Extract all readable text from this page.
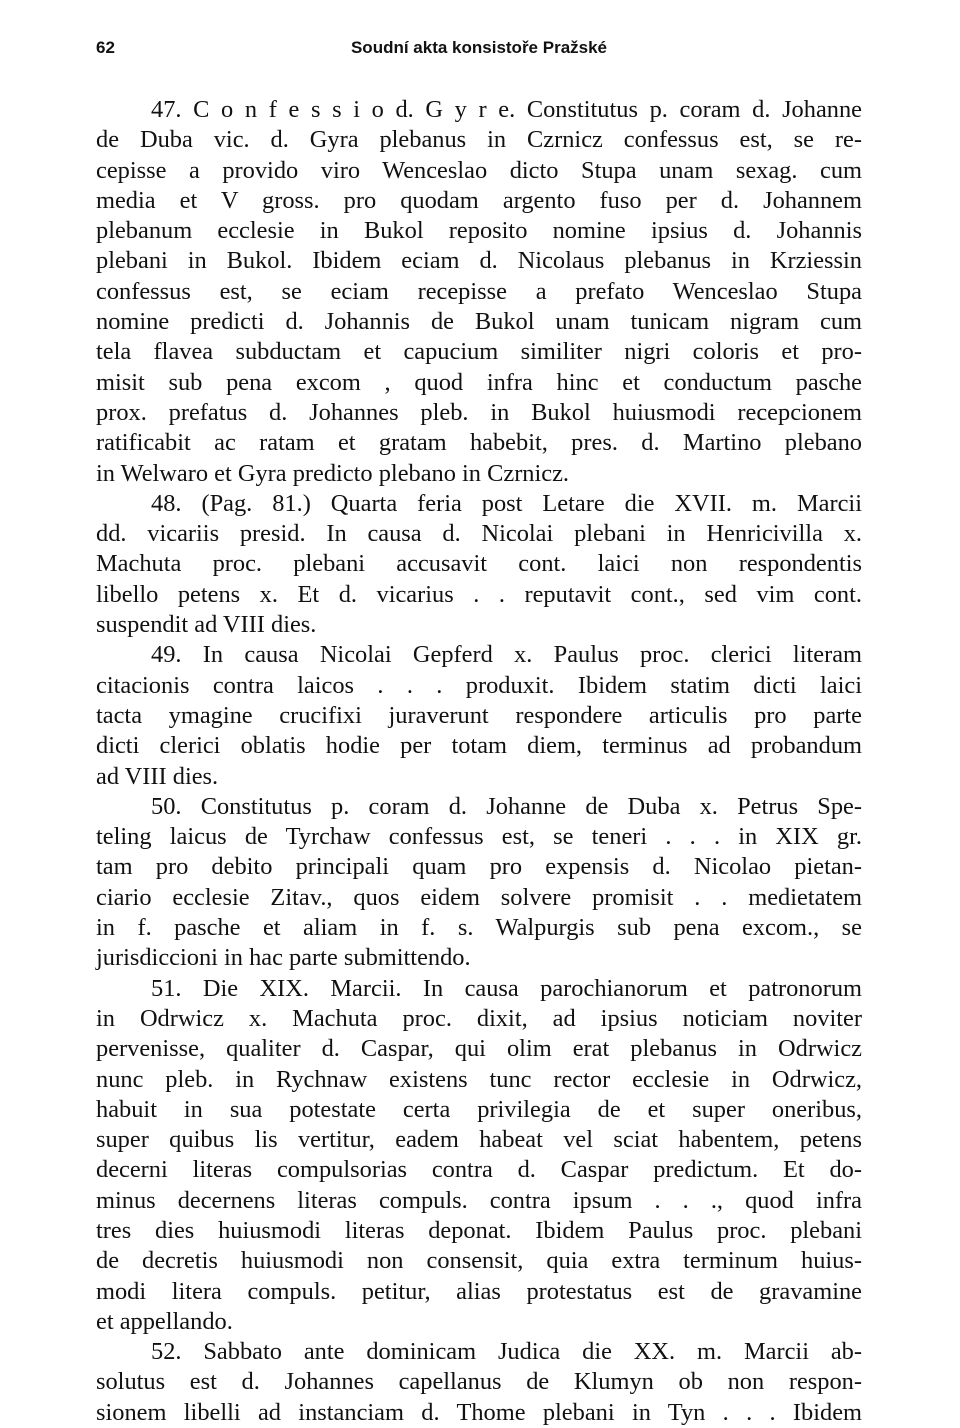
62	Soudní akta konsistoře Pražské
47. C o n f e s s i o d. G y r e. Constitutus p. coram d. Johanne
de Duba vic. d. Gyra plebanus in Czrnicz confessus est, se re-
cepisse a provido viro Wenceslao dicto Stupa unam sexag. cum
media et V gross. pro quodam argento fuso per d. Johannem
plebanum ecclesie in Bukol reposito nomine ipsius d. Johannis
plebani in Bukol. Ibidem eciam d. Nicolaus plebanus in Krziessin
confessus est, se eciam recepisse a prefato Wenceslao Stupa
nomine predicti d. Johannis de Bukol unam tunicam nigram cum
tela flavea subductam et capucium similiter nigri coloris et pro-
misit sub pena excom , quod infra hinc et conductum pasche
prox. prefatus d. Johannes pleb. in Bukol huiusmodi recepcionem
ratificabit ac ratam et gratam habebit, pres. d. Martino plebano
in Welwaro et Gyra predicto plebano in Czrnicz.
48. (Pag. 81.) Quarta feria post Letare die XVII. m. Marcii
dd. vicariis presid. In causa d. Nicolai plebani in Henricivilla x.
Machuta proc. plebani accusavit cont. laici non respondentis
libello petens x. Et d. vicarius . . reputavit cont., sed vim cont.
suspendit ad VIII dies.
49. In causa Nicolai Gepferd x. Paulus proc. clerici literam
citacionis contra laicos . . . produxit. Ibidem statim dicti laici
tacta ymagine crucifixi juraverunt respondere articulis pro parte
dicti clerici oblatis hodie per totam diem, terminus ad probandum
ad VIII dies.
50. Constitutus p. coram d. Johanne de Duba x. Petrus Spe-
teling laicus de Tyrchaw confessus est, se teneri . . . in XIX gr.
tam pro debito principali quam pro expensis d. Nicolao pietan-
ciario ecclesie Zitav., quos eidem solvere promisit . . medietatem
in f. pasche et aliam in f. s. Walpurgis sub pena excom., se
jurisdiccioni in hac parte submittendo.
51. Die XIX. Marcii. In causa parochianorum et patronorum
in Odrwicz x. Machuta proc. dixit, ad ipsius noticiam noviter
pervenisse, qualiter d. Caspar, qui olim erat plebanus in Odrwicz
nunc pleb. in Rychnaw existens tunc rector ecclesie in Odrwicz,
habuit in sua potestate certa privilegia de et super oneribus,
super quibus lis vertitur, eadem habeat vel sciat habentem, petens
decerni literas compulsorias contra d. Caspar predictum. Et do-
minus decernens literas compuls. contra ipsum . . ., quod infra
tres dies huiusmodi literas deponat. Ibidem Paulus proc. plebani
de decretis huiusmodi non consensit, quia extra terminum huius-
modi litera compuls. petitur, alias protestatus est de gravamine
et appellando.
52. Sabbato ante dominicam Judica die XX. m. Marcii ab-
solutus est d. Johannes capellanus de Klumyn ob non respon-
sionem libelli ad instanciam d. Thome plebani in Tyn . . . Ibidem
